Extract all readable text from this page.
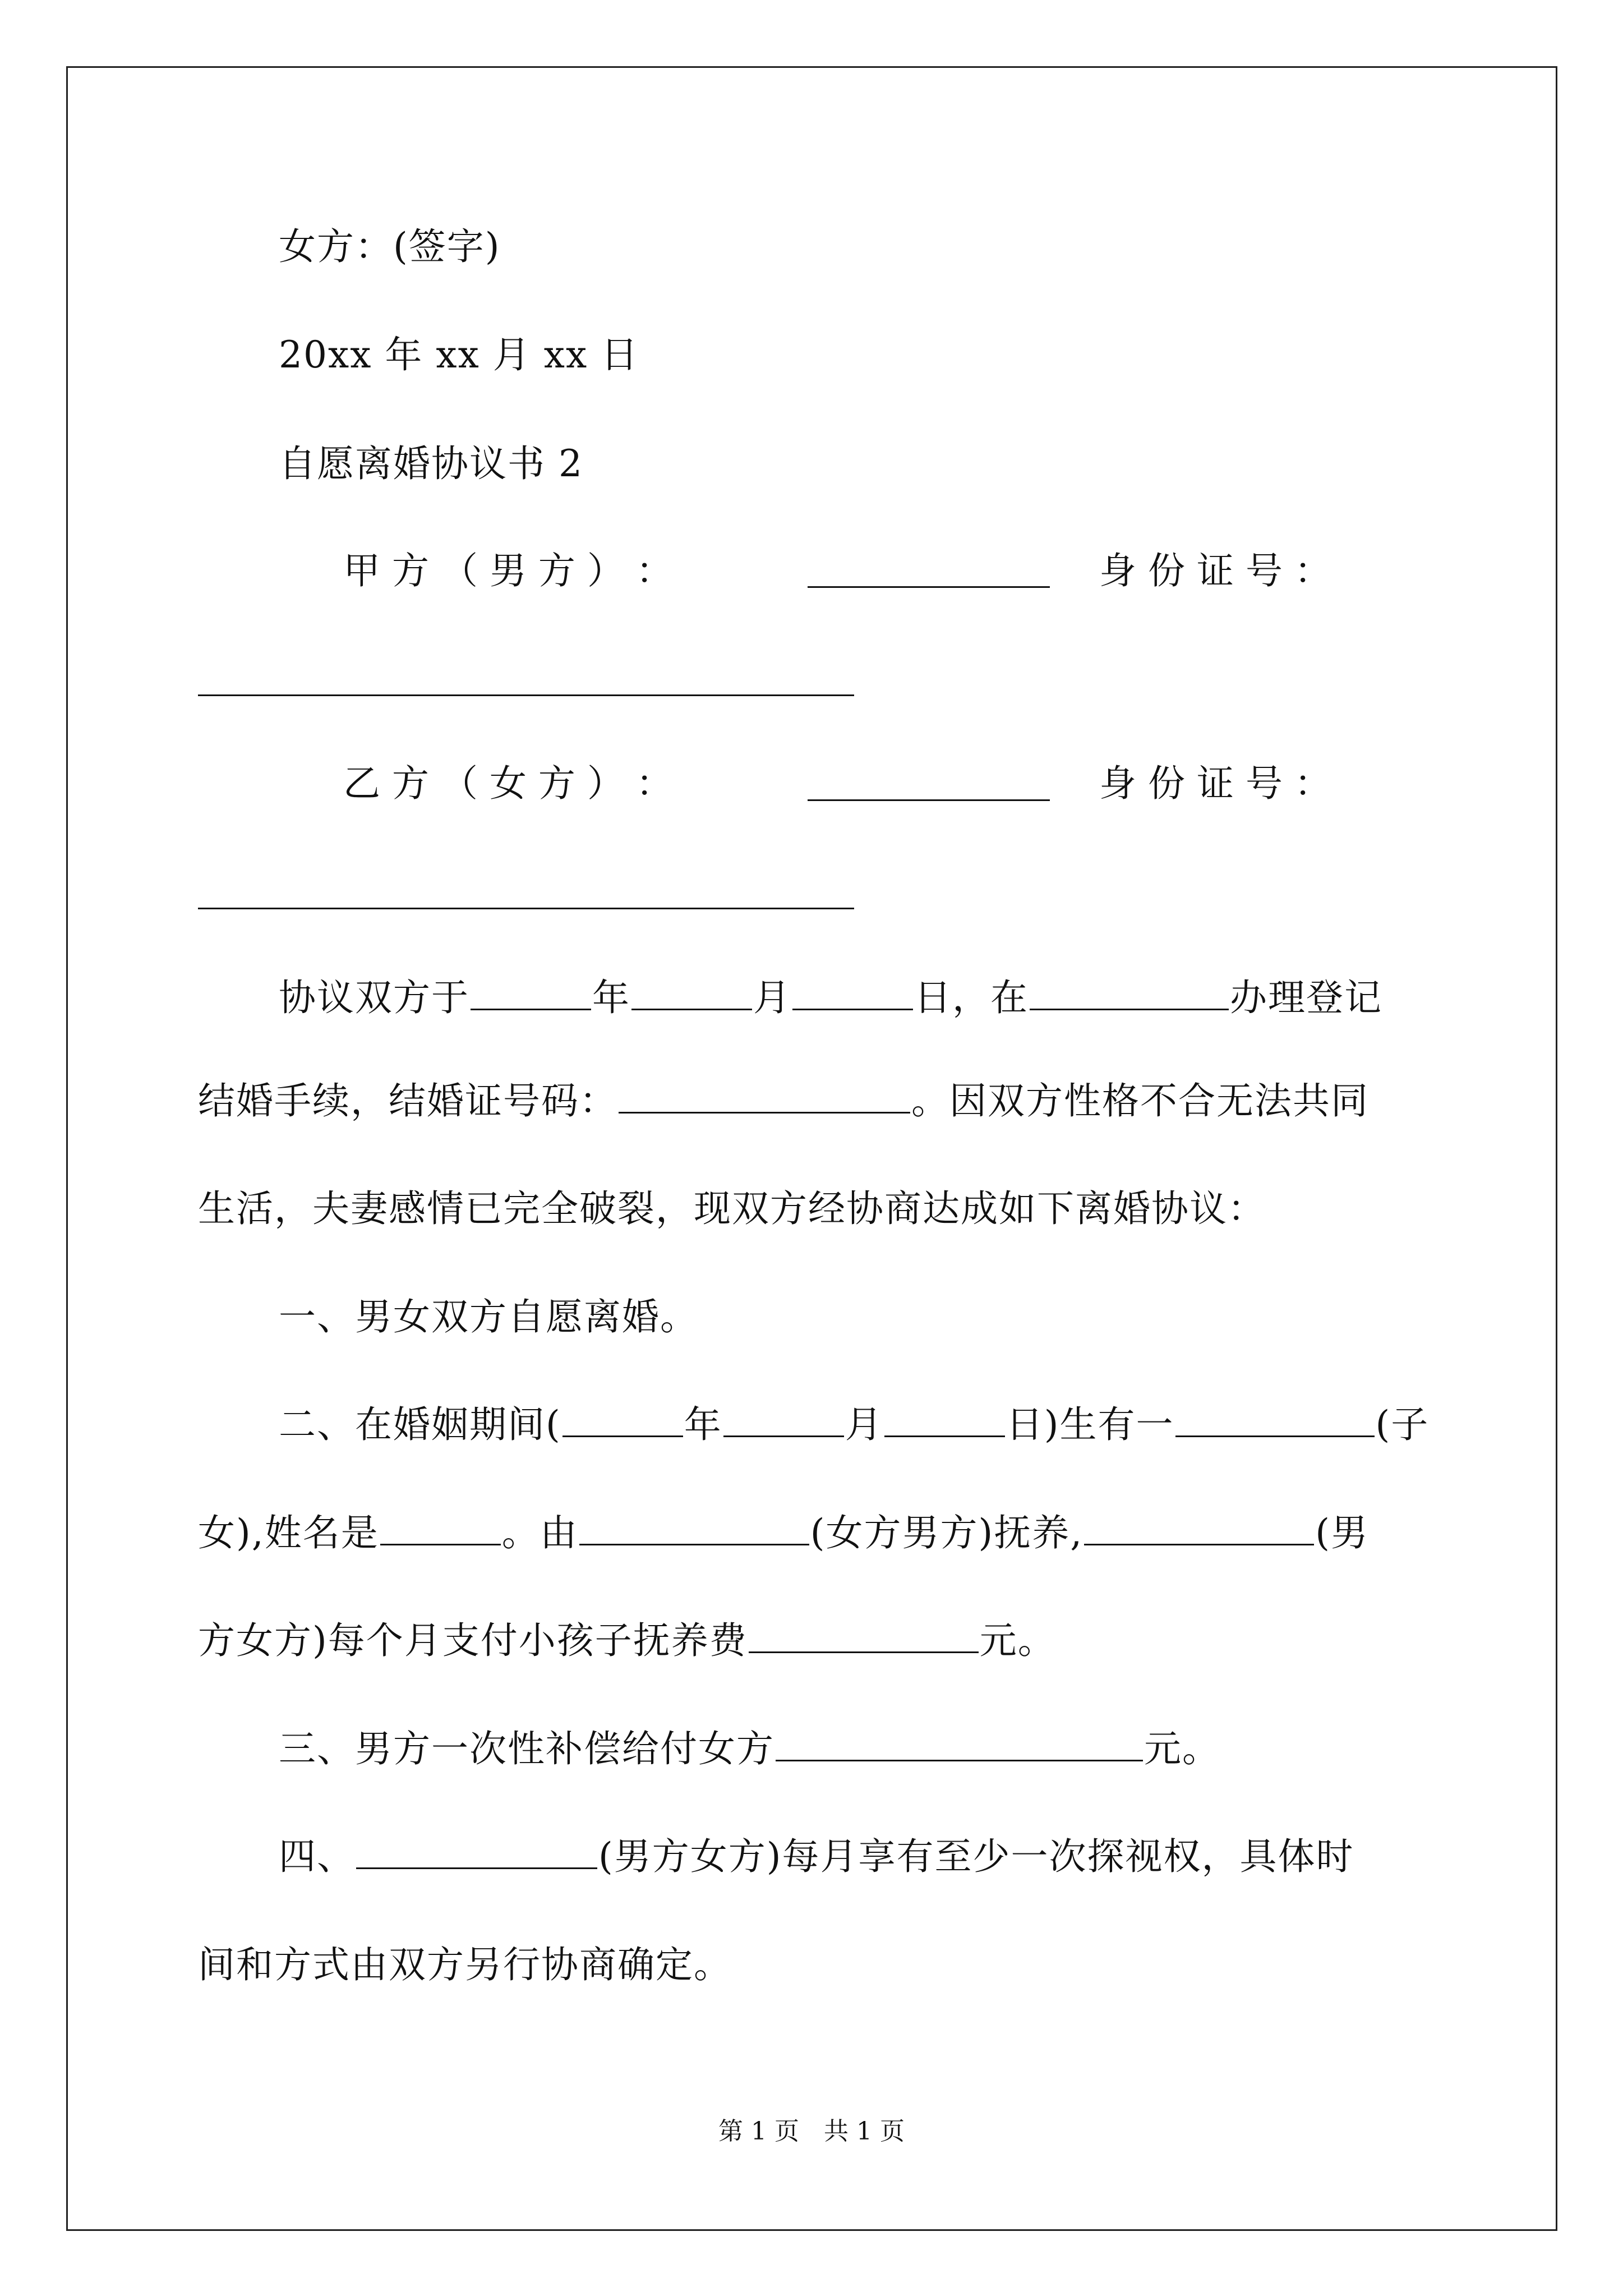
女方：(签字)
20xx 年 xx 月 xx 日
自愿离婚协议书 2
甲 方 （ 男 方 ） ：	身 份 证 号 ：
乙 方 （ 女 方 ） ：	身 份 证 号 ：
协议双方于	年	月	日，在	办理登记
结婚手续，结婚证号码：	。因双方性格不合无法共同
生活，夫妻感情已完全破裂，现双方经协商达成如下离婚协议：
一、男女双方自愿离婚。
二、在婚姻期间(	年	月	日)生有一	(子
女),姓名是	。由	(女方男方)抚养,	(男
方女方)每个月支付小孩子抚养费	元。
三、男方一次性补偿给付女方	元。
四、	(男方女方)每月享有至少一次探视权，具体时
间和方式由双方另行协商确定。
第 1 页　共 1 页
